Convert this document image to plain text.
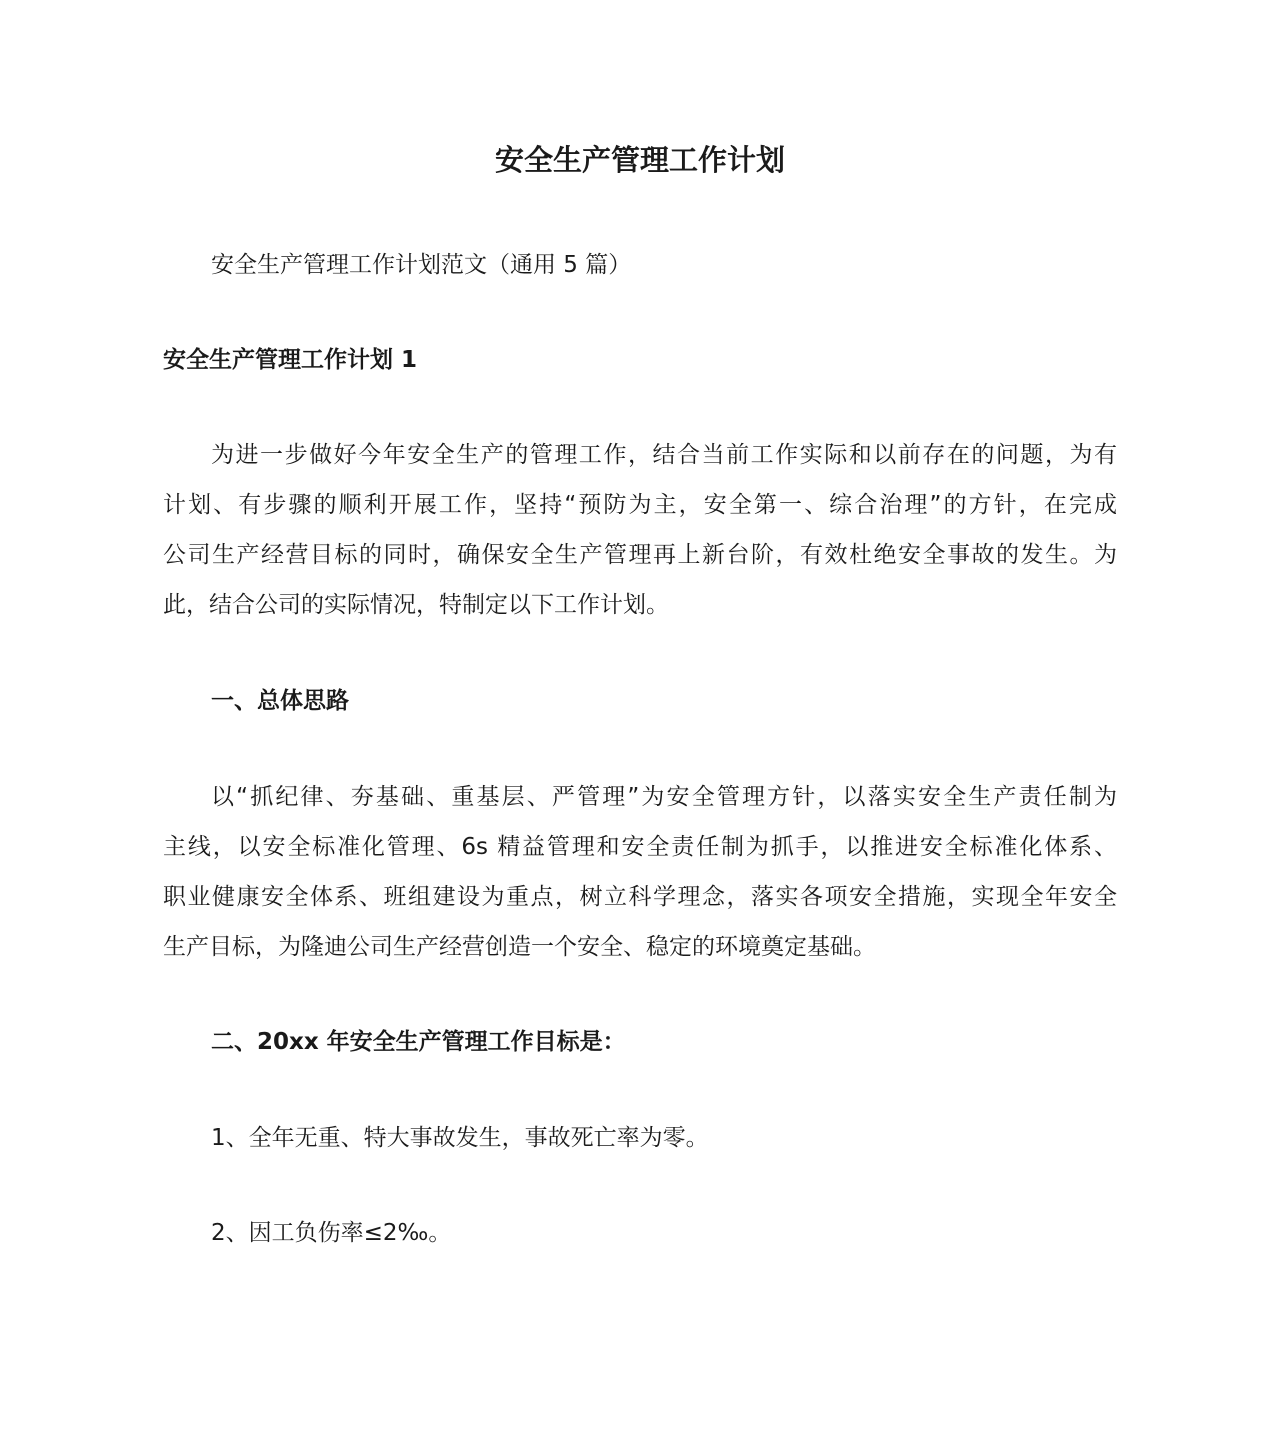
安全生产管理工作计划
安全生产管理工作计划范文（通用 5 篇）
安全生产管理工作计划 1
为进一步做好今年安全生产的管理工作，结合当前工作实际和以前存在的问题，为有
计划、有步骤的顺利开展工作，坚持“预防为主，安全第一、综合治理”的方针，在完成
公司生产经营目标的同时，确保安全生产管理再上新台阶，有效杜绝安全事故的发生。为
此，结合公司的实际情况，特制定以下工作计划。
一、总体思路
以“抓纪律、夯基础、重基层、严管理”为安全管理方针，以落实安全生产责任制为
主线，以安全标准化管理、6s 精益管理和安全责任制为抓手，以推进安全标准化体系、
职业健康安全体系、班组建设为重点，树立科学理念，落实各项安全措施，实现全年安全
生产目标，为隆迪公司生产经营创造一个安全、稳定的环境奠定基础。
二、20xx 年安全生产管理工作目标是：
1、全年无重、特大事故发生，事故死亡率为零。
2、因工负伤率≤2‰。
